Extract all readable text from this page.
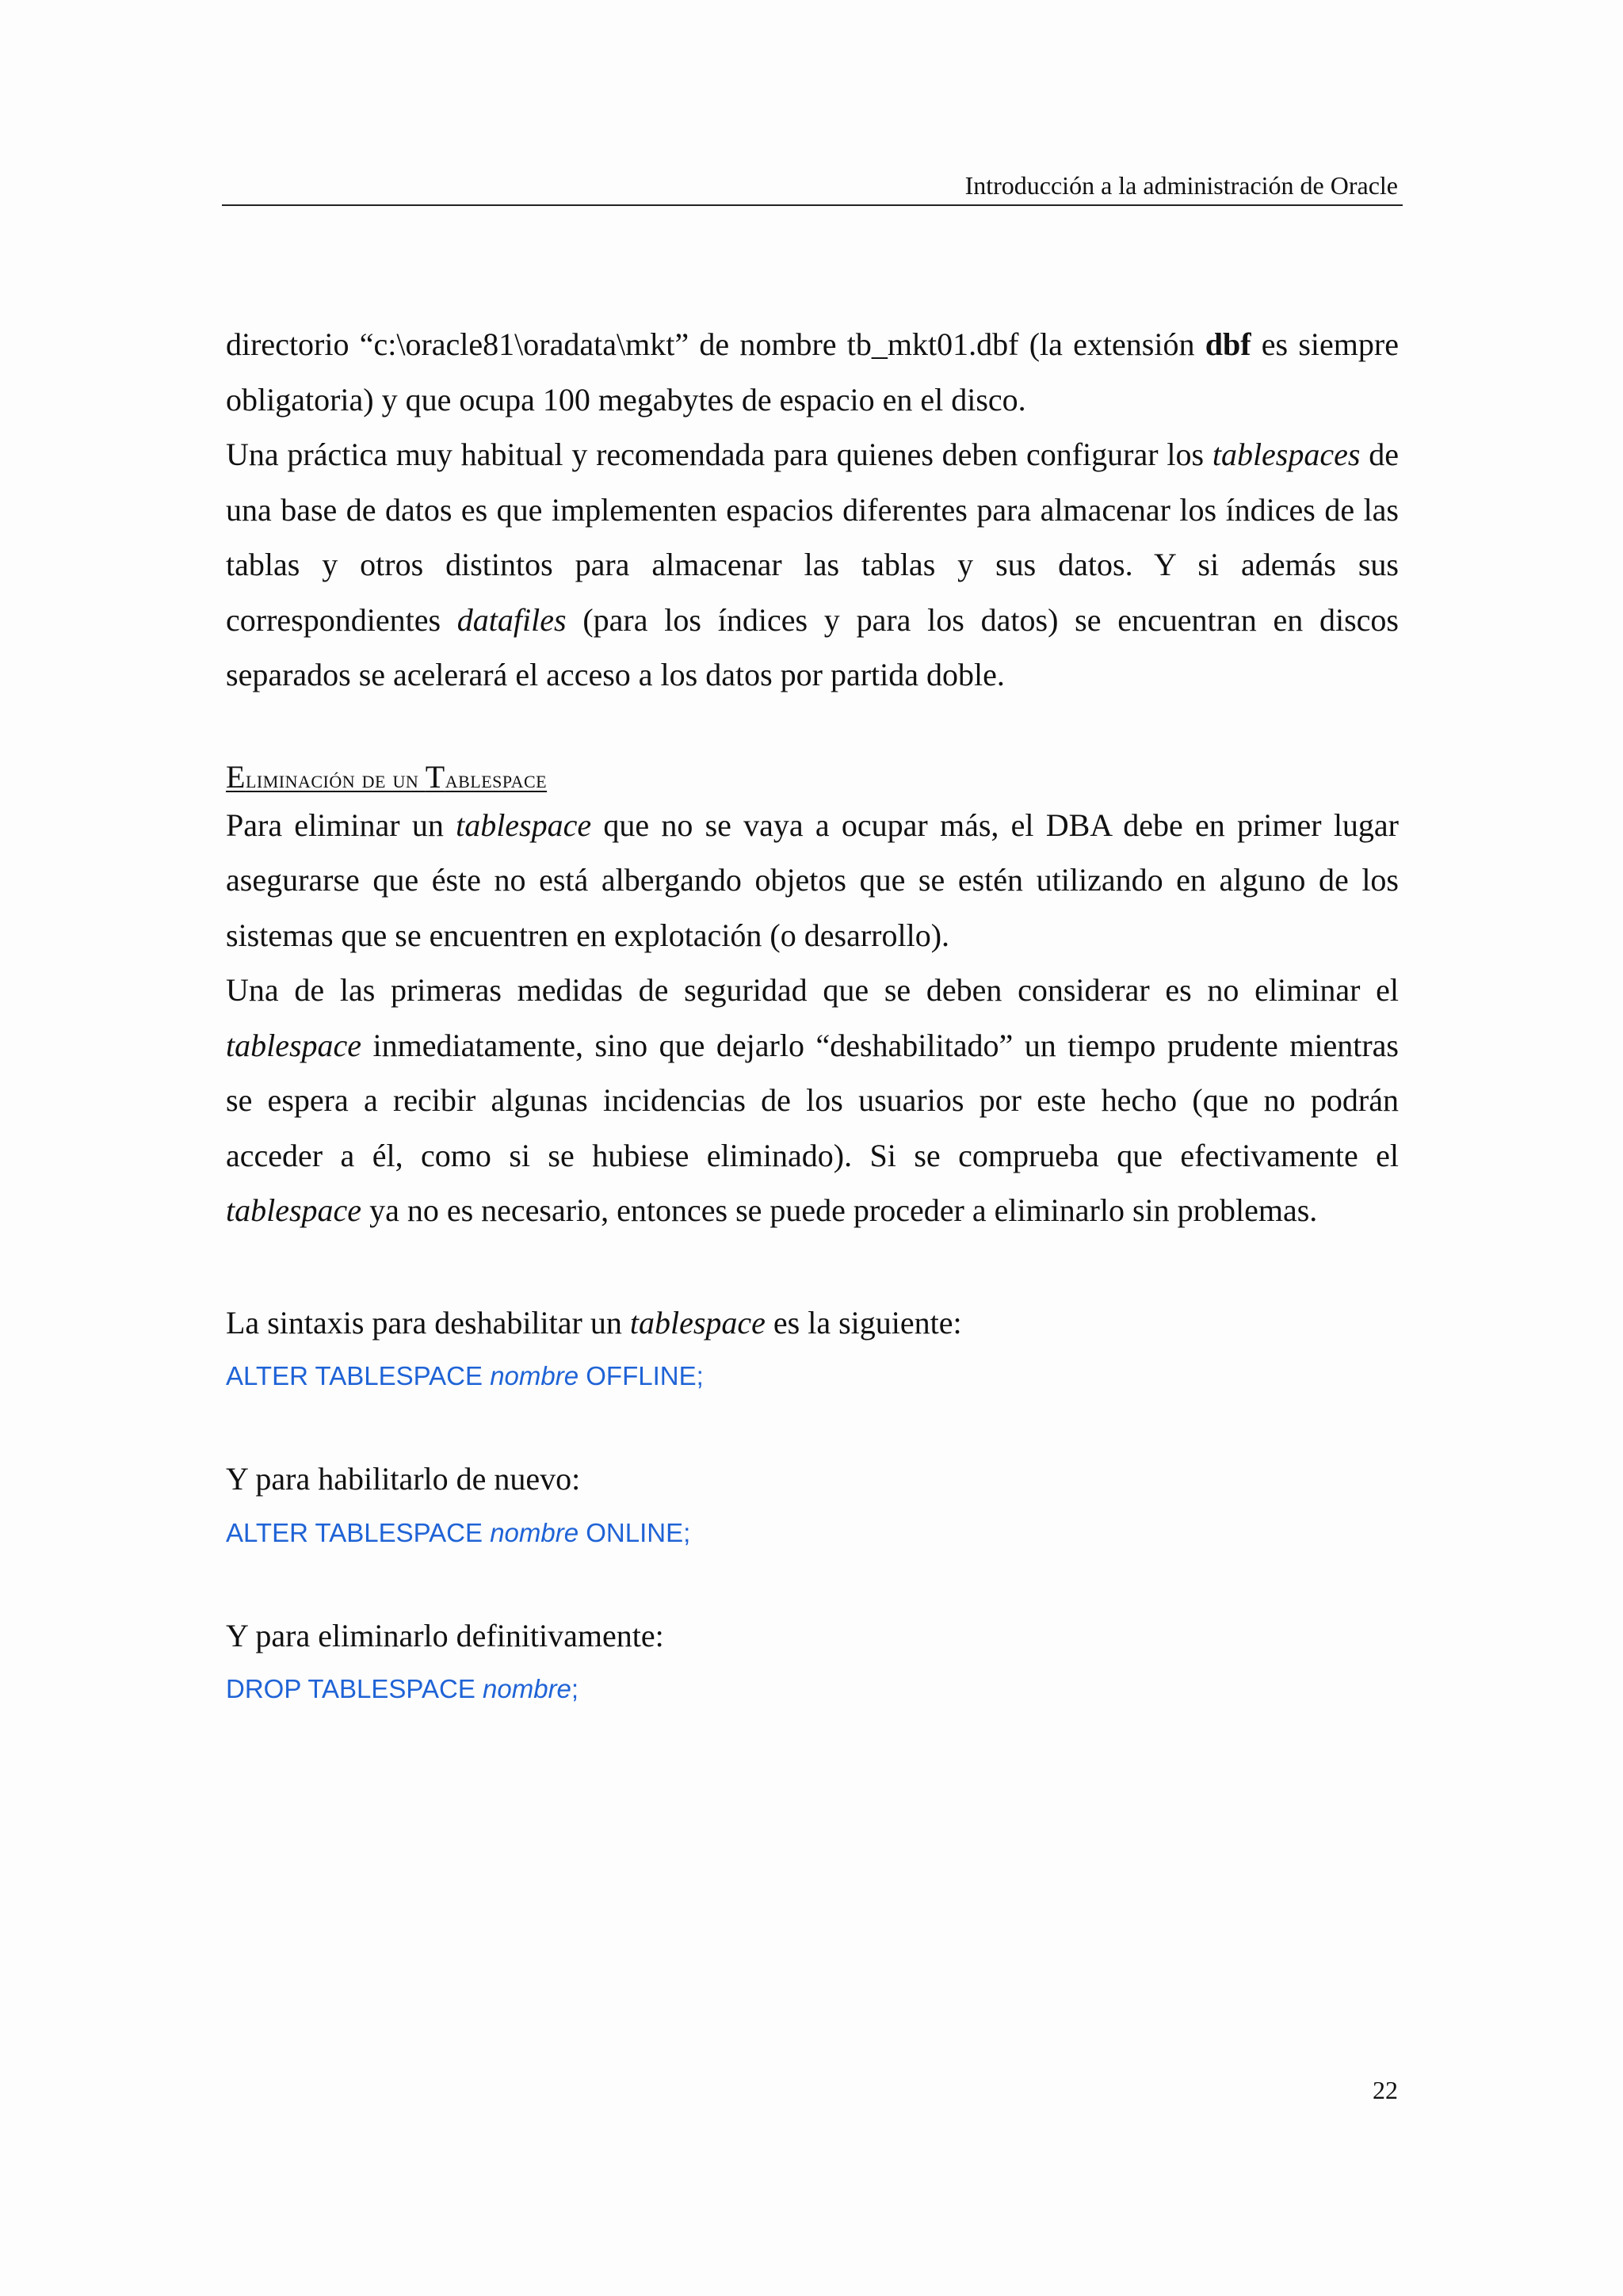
Introducción a la administración de Oracle

directorio “c:\oracle81\oradata\mkt” de nombre tb_mkt01.dbf (la extensión dbf es siempre obligatoria) y que ocupa 100 megabytes de espacio en el disco.

Una práctica muy habitual y recomendada para quienes deben configurar los tablespaces de una base de datos es que implementen espacios diferentes para almacenar los índices de las tablas y otros distintos para almacenar las tablas y sus datos. Y si además sus correspondientes datafiles (para los índices y para los datos) se encuentran en discos separados se acelerará el acceso a los datos por partida doble.

Eliminación de un Tablespace

Para eliminar un tablespace que no se vaya a ocupar más, el DBA debe en primer lugar asegurarse que éste no está albergando objetos que se estén utilizando en alguno de los sistemas que se encuentren en explotación (o desarrollo).

Una de las primeras medidas de seguridad que se deben considerar es no eliminar el tablespace inmediatamente, sino que dejarlo “deshabilitado” un tiempo prudente mientras se espera a recibir algunas incidencias de los usuarios por este hecho (que no podrán acceder a él, como si se hubiese eliminado). Si se comprueba que efectivamente el tablespace ya no es necesario, entonces se puede proceder a eliminarlo sin problemas.

La sintaxis para deshabilitar un tablespace es la siguiente:

ALTER TABLESPACE nombre OFFLINE;

Y para habilitarlo de nuevo:

ALTER TABLESPACE nombre ONLINE;

Y para eliminarlo definitivamente:

DROP TABLESPACE nombre;

22
